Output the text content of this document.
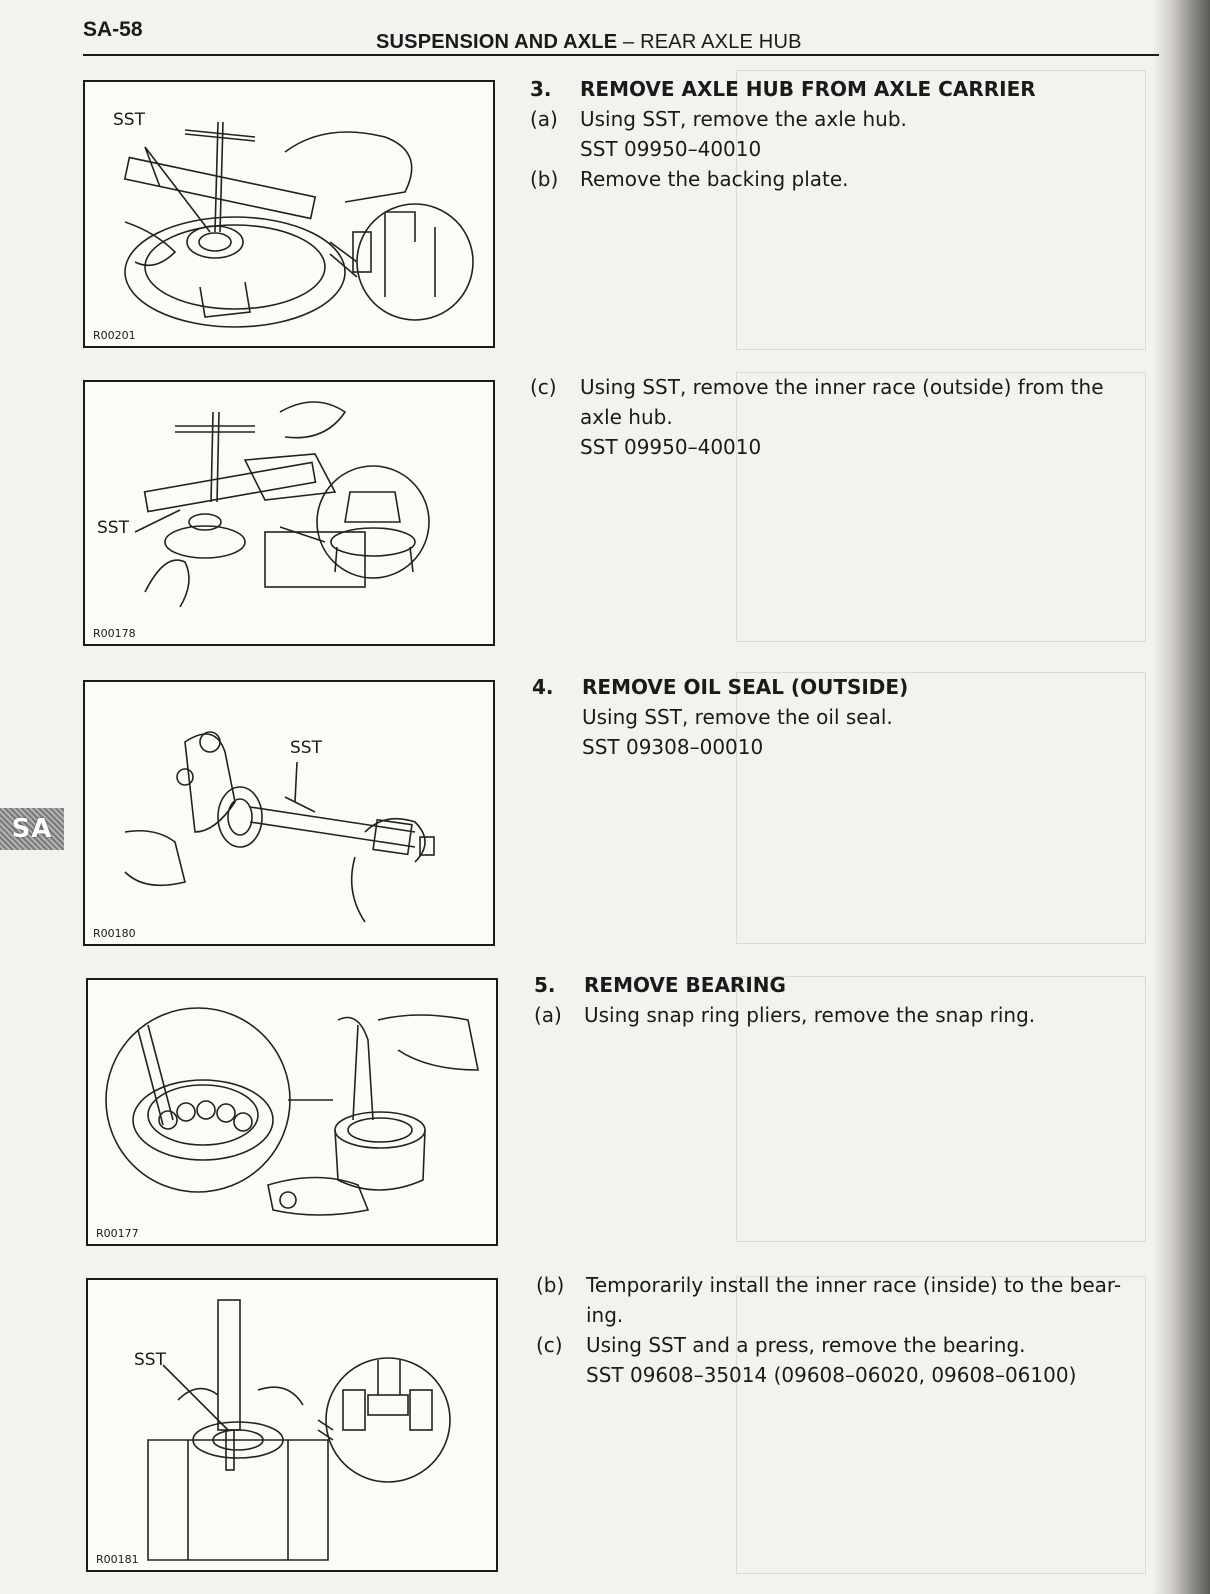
SA-58
SUSPENSION AND AXLE – REAR AXLE HUB
SA
SST
R00201
SST
R00178
SST
R00180
R00177
SST
R00181
3. REMOVE AXLE HUB FROM AXLE CARRIER
(a) Using SST, remove the axle hub.
SST 09950–40010
(b) Remove the backing plate.
(c) Using SST, remove the inner race (outside) from the
axle hub.
SST 09950–40010
4. REMOVE OIL SEAL (OUTSIDE)
Using SST, remove the oil seal.
SST 09308–00010
5. REMOVE BEARING
(a) Using snap ring pliers, remove the snap ring.
(b) Temporarily install the inner race (inside) to the bear-
ing.
(c) Using SST and a press, remove the bearing.
SST 09608–35014 (09608–06020, 09608–06100)
